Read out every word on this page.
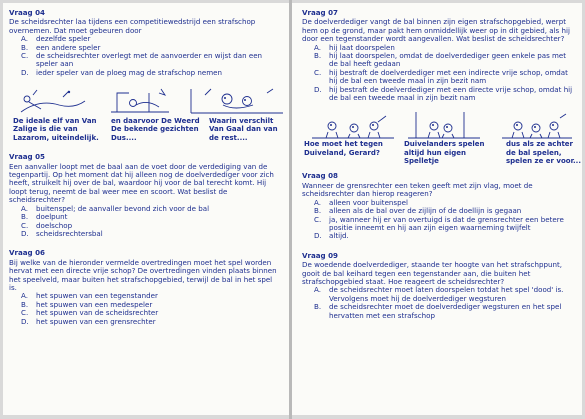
Vraag 04

De scheidsrechter laa tijdens een competitiewedstrijd een strafschop overnemen. Dat moet gebeuren door

A. dezelfde speler
B. een andere speler
C. de scheidsrechter overlegt met de aanvoerder en wijst dan een speler aan
D. ieder speler van de ploeg mag de strafschop nemen
De ideale elf van Van
Zalige is die van
Lazarom, uiteindelijk.
en daarvoor De Weerd
De bekende gezichten
Dus....
Waarin verschilt
Van Gaal dan van
de rest....
Vraag 05

Een aanvaller loopt met de baal aan de voet door de verdediging van de tegenpartij. Op het moment dat hij alleen nog de doelverdediger voor zich heeft, struikelt hij over de bal, waardoor hij voor de bal terecht komt. Hij loopt terug, neemt de bal weer mee en scoort. Wat beslist de scheidsrechter?

A. buitenspel; de aanvaller bevond zich voor de bal
B. doelpunt
C. doelschop
D. scheidsrechtersbal
Vraag 06

Bij welke van de hieronder vermelde overtredingen moet het spel worden hervat met een directe vrije schop? De overtredingen vinden plaats binnen het speelveld, maar buiten het strafschopgebied, terwijl de bal in het spel is.

A. het spuwen van een tegenstander
B. het spuwen van een medespeler
C. het spuwen van de scheidsrechter
D. het spuwen van een grensrechter
Vraag 07

De doelverdediger vangt de bal binnen zijn eigen strafschopgebied, werpt hem op de grond, maar pakt hem onmiddellijk weer op in dit gebied, als hij door een tegenstander wordt aangevallen. Wat beslist de scheidsrechter?

A. hij laat doorspelen
B. hij laat doorspelen, omdat de doelverdediger geen enkele pas met de bal heeft gedaan
C. hij bestraft de doelverdediger met een indirecte vrije schop, omdat hij de bal een tweede maal in zijn bezit nam
D. hij bestraft de doelverdediger met een directe vrije schop, omdat hij de bal een tweede maal in zijn bezit nam
Hoe moet het tegen
Duiveland, Gerard?
Duivelanders spelen
altijd hun eigen
Spelletje
dus als ze achter
de bal spelen,
spelen ze er voor...
Vraag 08

Wanneer de grensrechter een teken geeft met zijn vlag, moet de scheidsrechter dan hierop reageren?

A. alleen voor buitenspel
B. alleen als de bal over de zijlijn of de doellijn is gegaan
C. ja, wanneer hij er van overtuigd is dat de grensrechter een betere positie inneemt en hij aan zijn eigen waarneming twijfelt
D. altijd.
Vraag 09

De woedende doelverdediger, staande ter hoogte van het strafschppunt, gooit de bal keihard tegen een tegenstander aan, die buiten het strafschopgebied staat. Hoe reageert de scheidsrechter?

A. de scheidsrechter moet laten doorspelen totdat het spel 'dood' is. Vervolgens moet hij de doelverdediger wegsturen
B. de scheidsrechter moet de doelverdediger wegsturen en het spel hervatten met een strafschop
